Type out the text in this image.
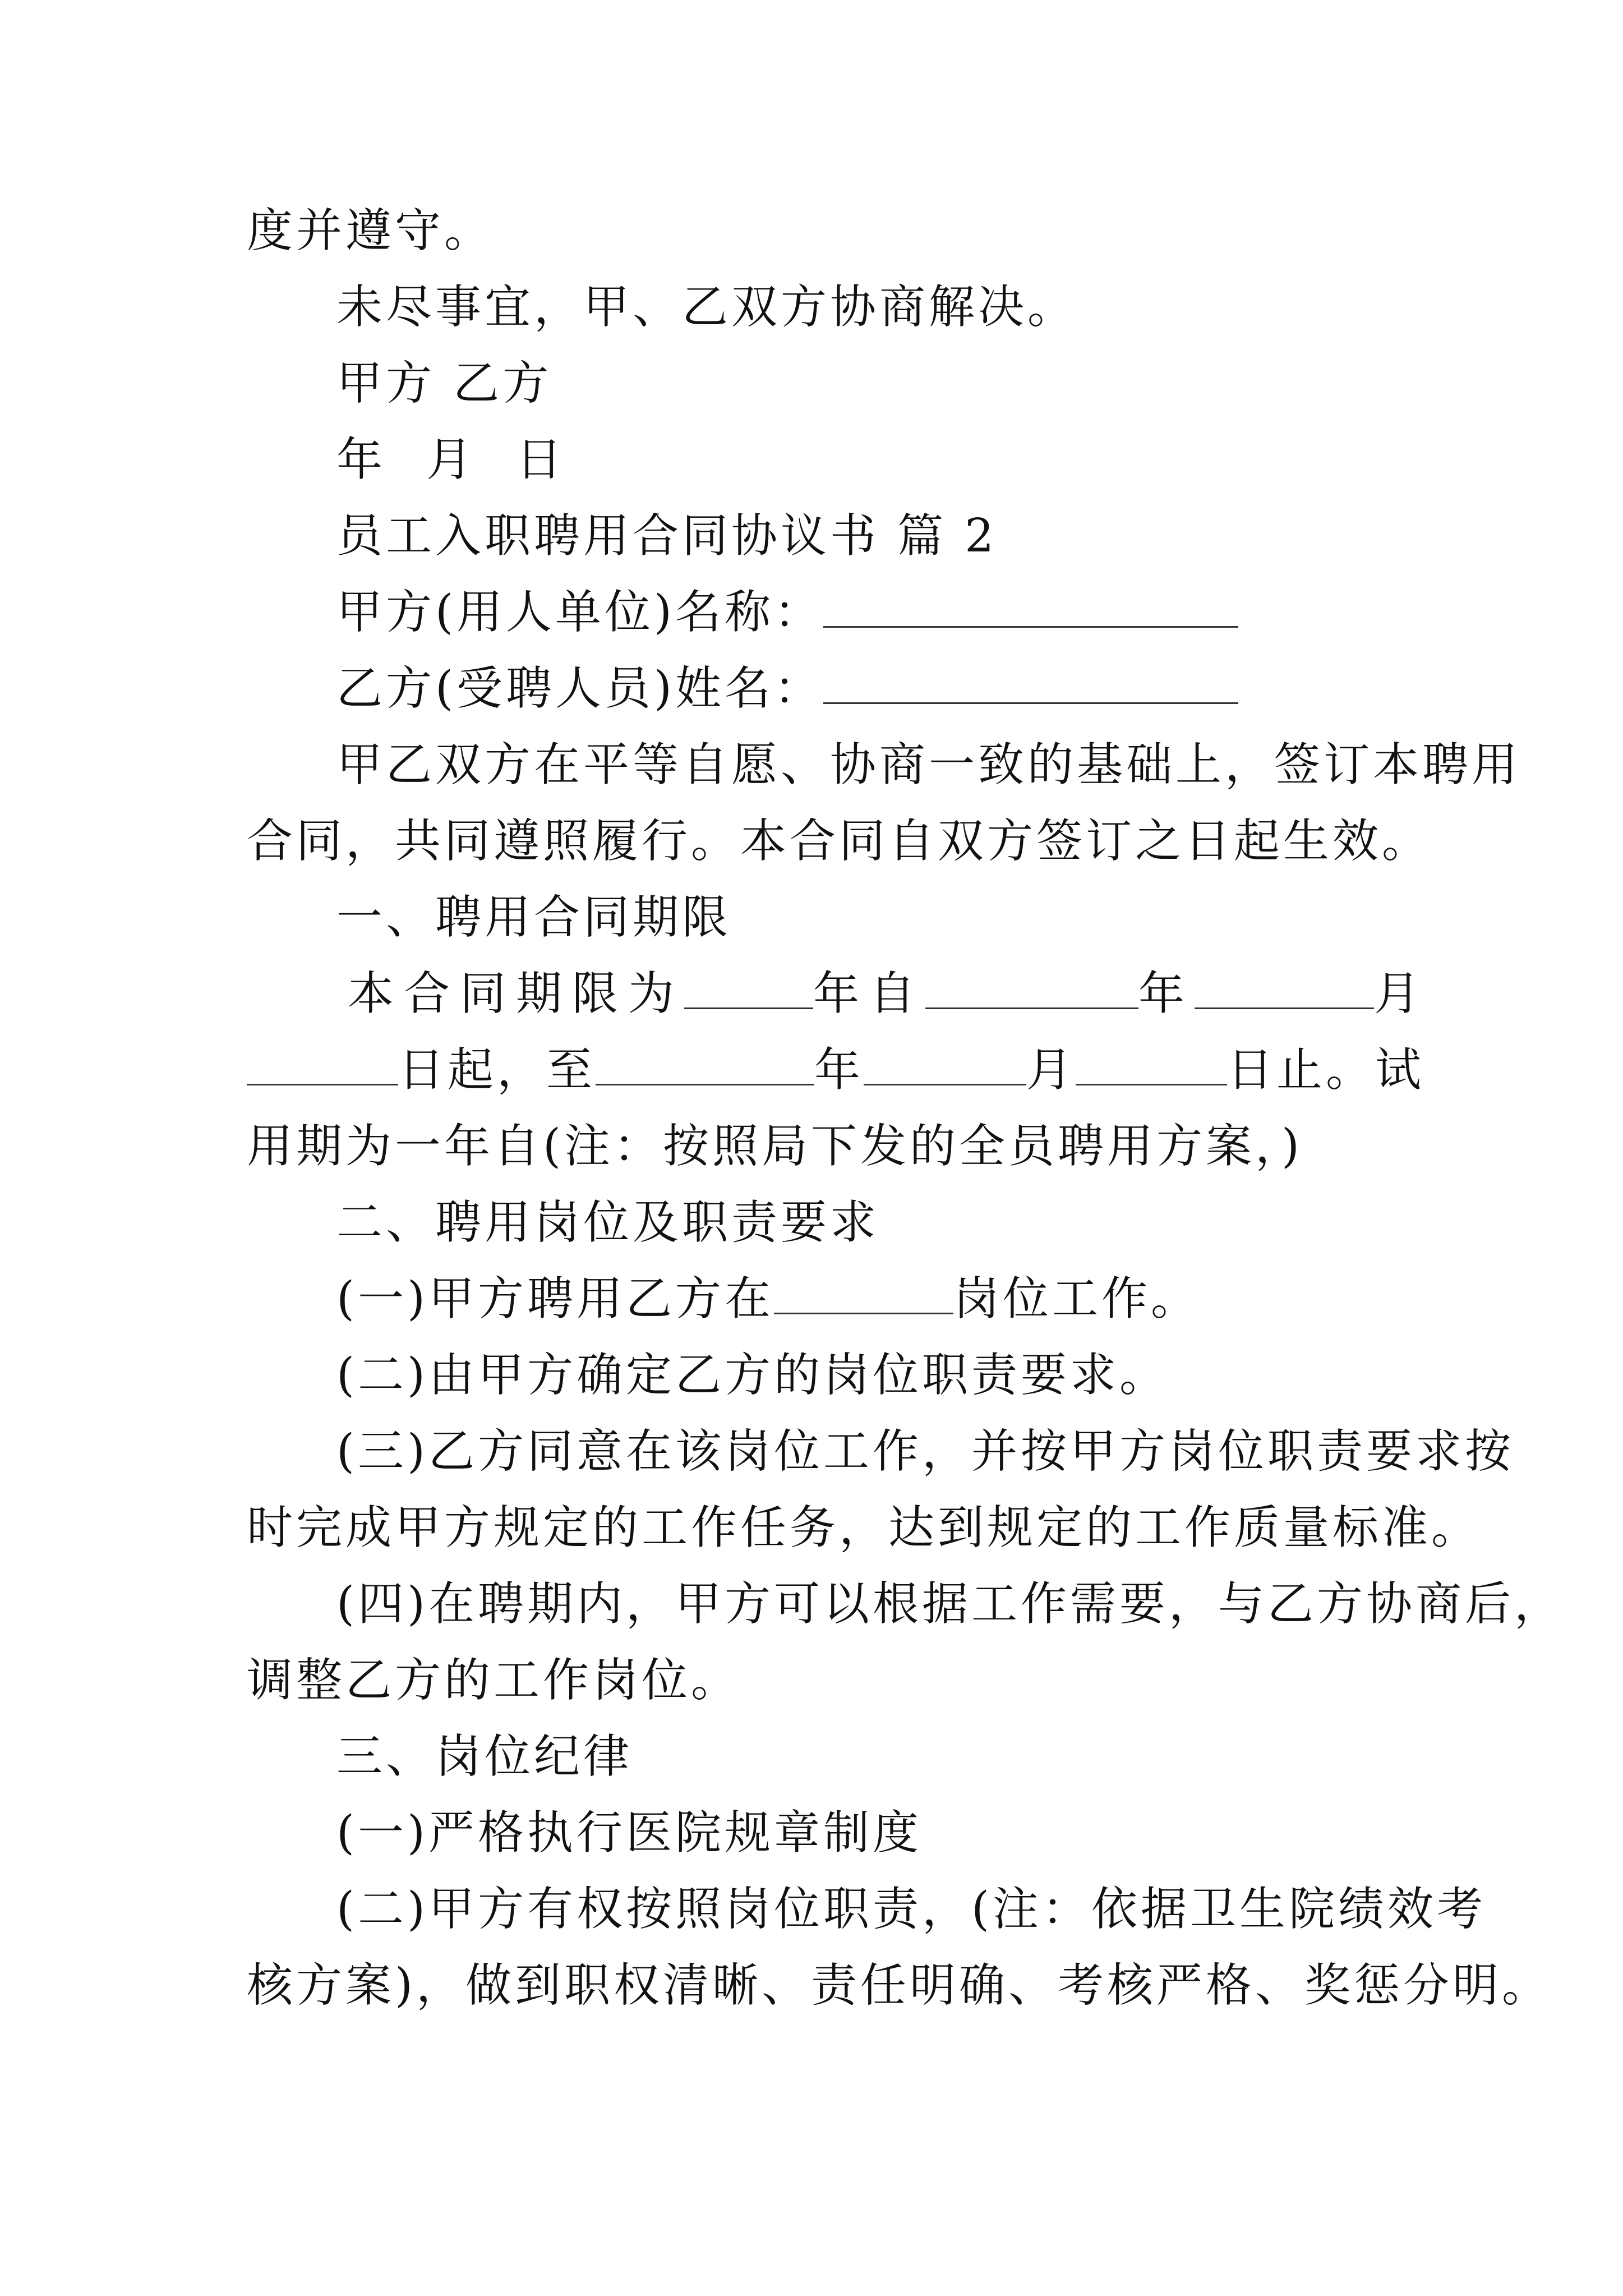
度并遵守。
未尽事宜，甲、乙双方协商解决。
甲方 乙方
年 月 日
员工入职聘用合同协议书 篇 2
甲方(用人单位)名称：
乙方(受聘人员)姓名：
甲乙双方在平等自愿、协商一致的基础上，签订本聘用
合同，共同遵照履行。本合同自双方签订之日起生效。
一、聘用合同期限
本合同期限为	年自	年	月
日起，至	年	月	日止。试
用期为一年自(注：按照局下发的全员聘用方案，)
二、聘用岗位及职责要求
(一)甲方聘用乙方在	岗位工作。
(二)由甲方确定乙方的岗位职责要求。
(三)乙方同意在该岗位工作，并按甲方岗位职责要求按
时完成甲方规定的工作任务，达到规定的工作质量标准。
(四)在聘期内，甲方可以根据工作需要，与乙方协商后，
调整乙方的工作岗位。
三、岗位纪律
(一)严格执行医院规章制度
(二)甲方有权按照岗位职责，(注：依据卫生院绩效考
核方案)，做到职权清晰、责任明确、考核严格、奖惩分明。
